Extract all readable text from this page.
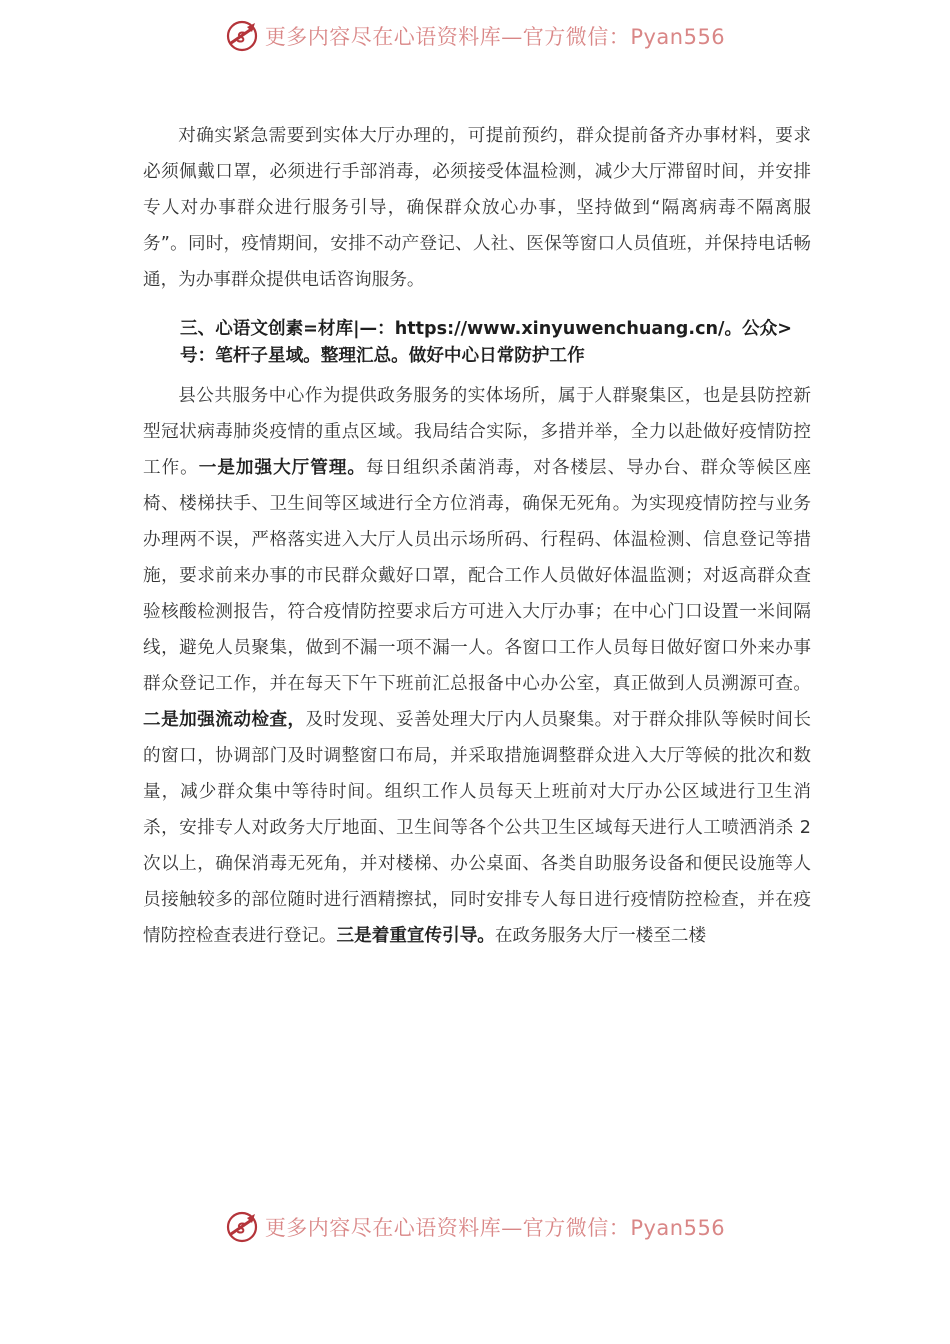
更多内容尽在心语资料库—官方微信：Pyan556

对确实紧急需要到实体大厅办理的，可提前预约，群众提前备齐办事材料，要求必须佩戴口罩，必须进行手部消毒，必须接受体温检测，减少大厅滞留时间，并安排专人对办事群众进行服务引导，确保群众放心办事，坚持做到“隔离病毒不隔离服务”。同时，疫情期间，安排不动产登记、人社、医保等窗口人员值班，并保持电话畅通，为办事群众提供电话咨询服务。

三、心语文创素=材库|—：https://www.xinyuwenchuang.cn/。公众>号：笔杆子星域。整理汇总。做好中心日常防护工作

县公共服务中心作为提供政务服务的实体场所，属于人群聚集区，也是县防控新型冠状病毒肺炎疫情的重点区域。我局结合实际，多措并举，全力以赴做好疫情防控工作。一是加强大厅管理。每日组织杀菌消毒，对各楼层、导办台、群众等候区座椅、楼梯扶手、卫生间等区域进行全方位消毒，确保无死角。为实现疫情防控与业务办理两不误，严格落实进入大厅人员出示场所码、行程码、体温检测、信息登记等措施，要求前来办事的市民群众戴好口罩，配合工作人员做好体温监测；对返高群众查验核酸检测报告，符合疫情防控要求后方可进入大厅办事；在中心门口设置一米间隔线，避免人员聚集，做到不漏一项不漏一人。各窗口工作人员每日做好窗口外来办事群众登记工作，并在每天下午下班前汇总报备中心办公室，真正做到人员溯源可查。二是加强流动检查，及时发现、妥善处理大厅内人员聚集。对于群众排队等候时间长的窗口，协调部门及时调整窗口布局，并采取措施调整群众进入大厅等候的批次和数量，减少群众集中等待时间。组织工作人员每天上班前对大厅办公区域进行卫生消杀，安排专人对政务大厅地面、卫生间等各个公共卫生区域每天进行人工喷洒消杀 2 次以上，确保消毒无死角，并对楼梯、办公桌面、各类自助服务设备和便民设施等人员接触较多的部位随时进行酒精擦拭，同时安排专人每日进行疫情防控检查，并在疫情防控检查表进行登记。三是着重宣传引导。在政务服务大厅一楼至二楼

更多内容尽在心语资料库—官方微信：Pyan556
